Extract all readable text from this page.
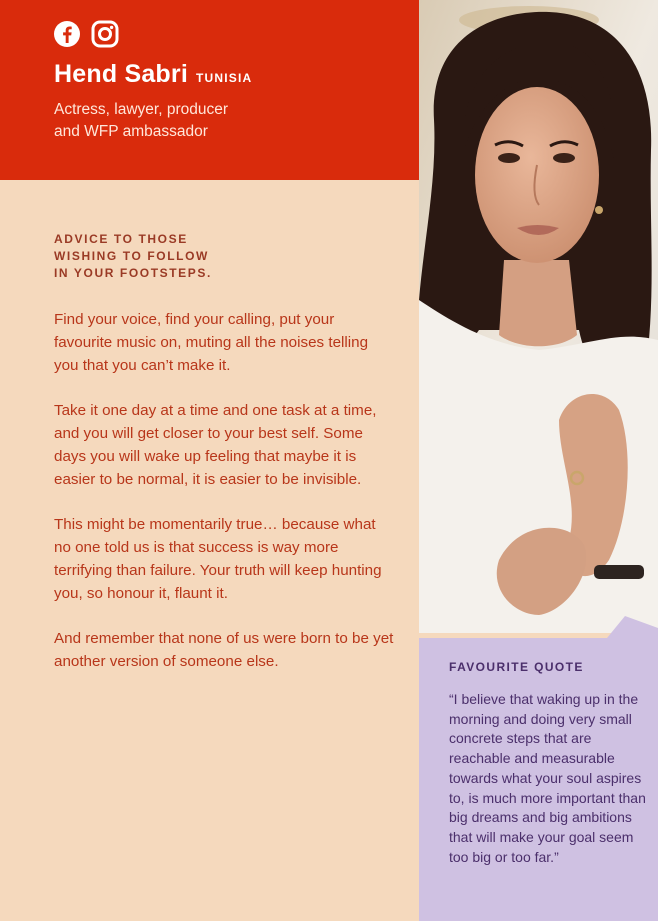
Hend Sabri TUNISIA
Actress, lawyer, producer
and WFP ambassador
ADVICE TO THOSE
WISHING TO FOLLOW
IN YOUR FOOTSTEPS.

Find your voice, find your calling, put your favourite music on, muting all the noises telling you that you can’t make it.

Take it one day at a time and one task at a time, and you will get closer to your best self. Some days you will wake up feeling that maybe it is easier to be normal, it is easier to be invisible.

This might be momentarily true… because what no one told us is that success is way more terrifying than failure. Your truth will keep hunting you, so honour it, flaunt it.

And remember that none of us were born to be yet another version of someone else.	FAVOURITE QUOTE
“I believe that waking up in the morning and doing very small concrete steps that are reachable and measurable towards what your soul aspires to, is much more important than big dreams and big ambitions that will make your goal seem too big or too far.”
